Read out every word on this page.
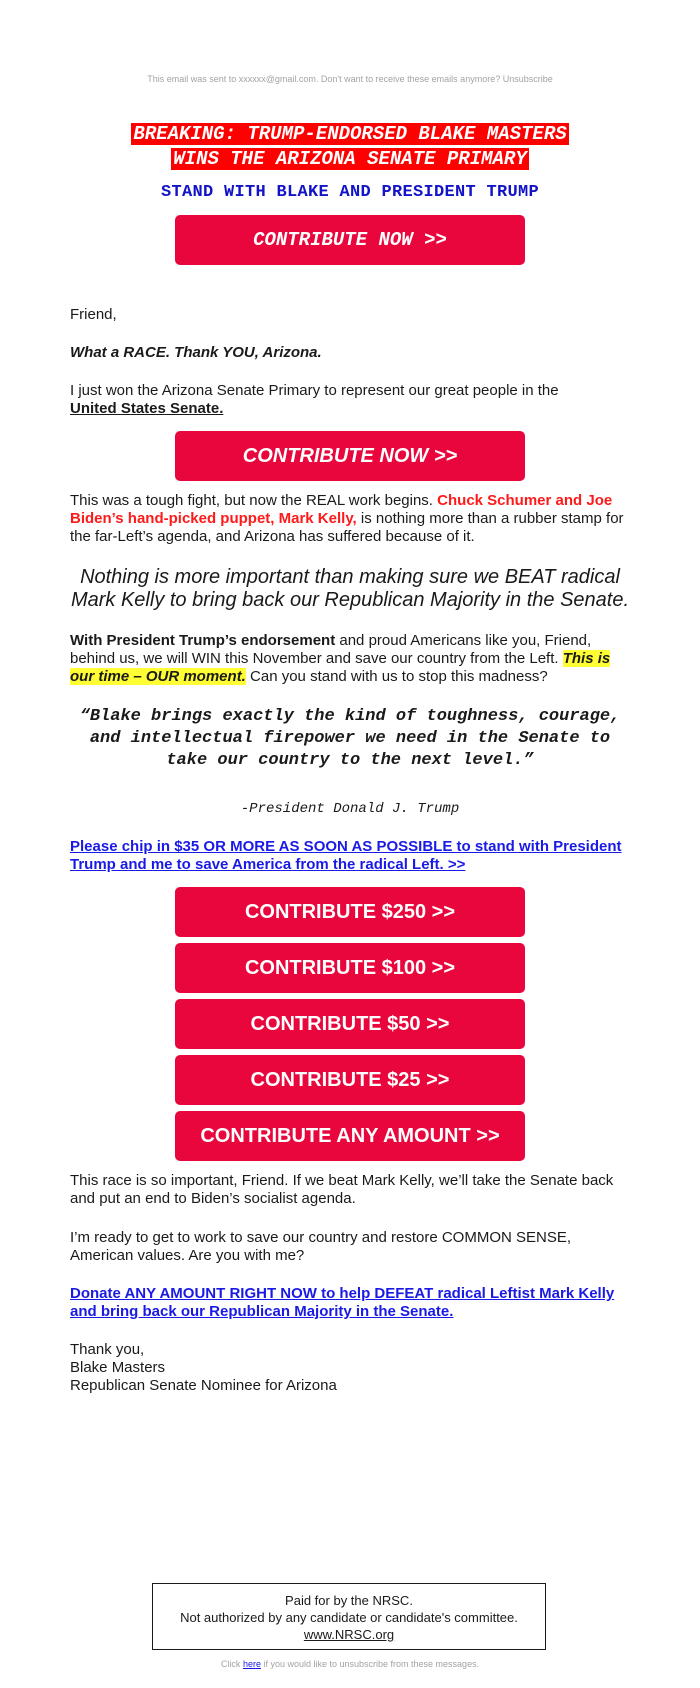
This email was sent to xxxxxx@gmail.com. Don't want to receive these emails anymore? Unsubscribe
BREAKING: TRUMP-ENDORSED BLAKE MASTERS
WINS THE ARIZONA SENATE PRIMARY
STAND WITH BLAKE AND PRESIDENT TRUMP
CONTRIBUTE NOW >>
Friend,
What a RACE. Thank YOU, Arizona.
I just won the Arizona Senate Primary to represent our great people in the
United States Senate.
CONTRIBUTE NOW >>
This was a tough fight, but now the REAL work begins. Chuck Schumer and Joe Biden’s hand-picked puppet, Mark Kelly, is nothing more than a rubber stamp for the far-Left’s agenda, and Arizona has suffered because of it.
Nothing is more important than making sure we BEAT radical Mark Kelly to bring back our Republican Majority in the Senate.
With President Trump’s endorsement and proud Americans like you, Friend, behind us, we will WIN this November and save our country from the Left. This is our time – OUR moment. Can you stand with us to stop this madness?
“Blake brings exactly the kind of toughness, courage, and intellectual firepower we need in the Senate to take our country to the next level.”
-President Donald J. Trump
Please chip in $35 OR MORE AS SOON AS POSSIBLE to stand with President Trump and me to save America from the radical Left. >>
CONTRIBUTE $250 >>
CONTRIBUTE $100 >>
CONTRIBUTE $50 >>
CONTRIBUTE $25 >>
CONTRIBUTE ANY AMOUNT >>
This race is so important, Friend. If we beat Mark Kelly, we’ll take the Senate back and put an end to Biden’s socialist agenda.
I’m ready to get to work to save our country and restore COMMON SENSE, American values. Are you with me?
Donate ANY AMOUNT RIGHT NOW to help DEFEAT radical Leftist Mark Kelly and bring back our Republican Majority in the Senate.
Thank you,
Blake Masters
Republican Senate Nominee for Arizona
Paid for by the NRSC.
Not authorized by any candidate or candidate's committee.
www.NRSC.org
Click here if you would like to unsubscribe from these messages.
